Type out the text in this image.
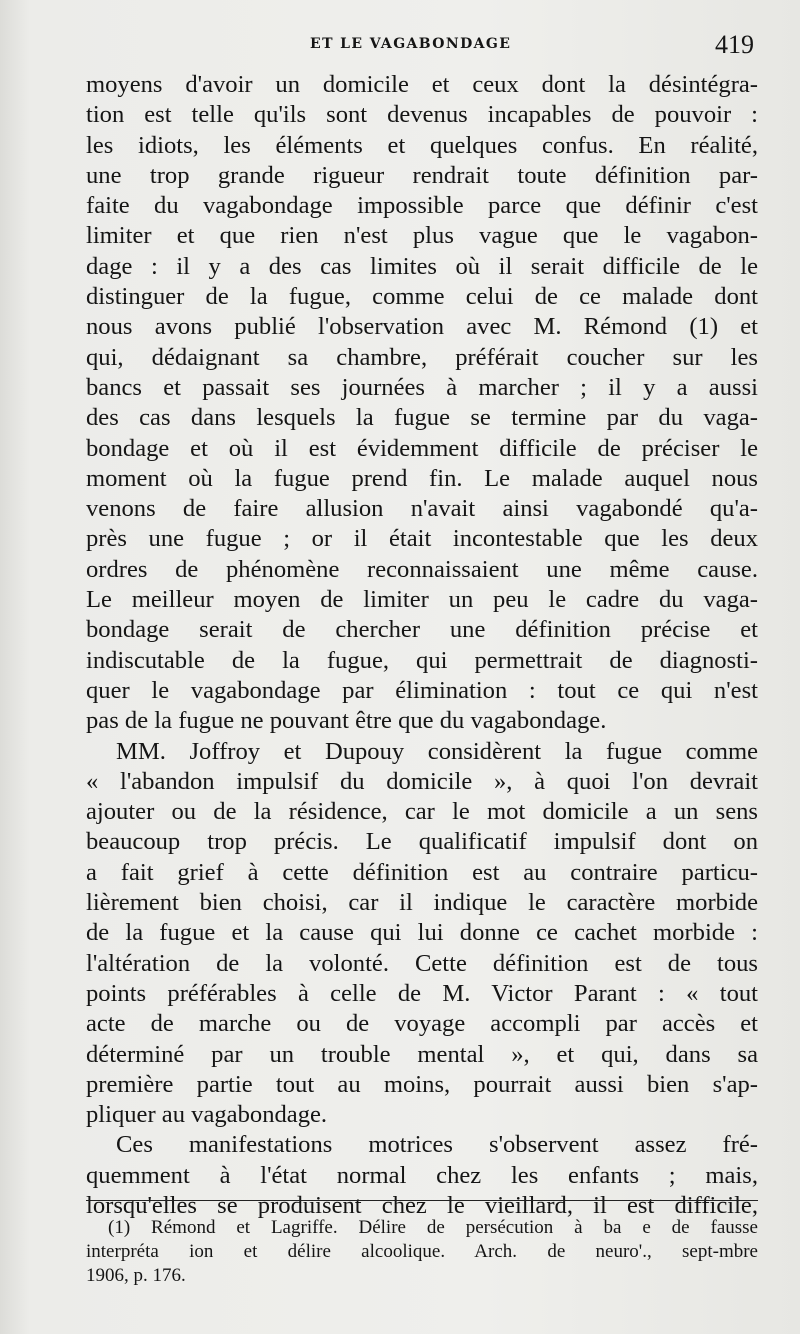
ET LE VAGABONDAGE	419
moyens d'avoir un domicile et ceux dont la désintégra-
tion est telle qu'ils sont devenus incapables de pouvoir :
les idiots, les éléments et quelques confus. En réalité,
une trop grande rigueur rendrait toute définition par-
faite du vagabondage impossible parce que définir c'est
limiter et que rien n'est plus vague que le vagabon-
dage : il y a des cas limites où il serait difficile de le
distinguer de la fugue, comme celui de ce malade dont
nous avons publié l'observation avec M. Rémond (1) et
qui, dédaignant sa chambre, préférait coucher sur les
bancs et passait ses journées à marcher ; il y a aussi
des cas dans lesquels la fugue se termine par du vaga-
bondage et où il est évidemment difficile de préciser le
moment où la fugue prend fin. Le malade auquel nous
venons de faire allusion n'avait ainsi vagabondé qu'a-
près une fugue ; or il était incontestable que les deux
ordres de phénomène reconnaissaient une même cause.
Le meilleur moyen de limiter un peu le cadre du vaga-
bondage serait de chercher une définition précise et
indiscutable de la fugue, qui permettrait de diagnosti-
quer le vagabondage par élimination : tout ce qui n'est
pas de la fugue ne pouvant être que du vagabondage.
MM. Joffroy et Dupouy considèrent la fugue comme
« l'abandon impulsif du domicile », à quoi l'on devrait
ajouter ou de la résidence, car le mot domicile a un sens
beaucoup trop précis. Le qualificatif impulsif dont on
a fait grief à cette définition est au contraire particu-
lièrement bien choisi, car il indique le caractère morbide
de la fugue et la cause qui lui donne ce cachet morbide :
l'altération de la volonté. Cette définition est de tous
points préférables à celle de M. Victor Parant : « tout
acte de marche ou de voyage accompli par accès et
déterminé par un trouble mental », et qui, dans sa
première partie tout au moins, pourrait aussi bien s'ap-
pliquer au vagabondage.
Ces manifestations motrices s'observent assez fré-
quemment à l'état normal chez les enfants ; mais,
lorsqu'elles se produisent chez le vieillard, il est difficile,
(1) Rémond et Lagriffe. Délire de persécution à ba e de fausse
interpréta ion et délire alcoolique. Arch. de neuro'., sept-mbre
1906, p. 176.
